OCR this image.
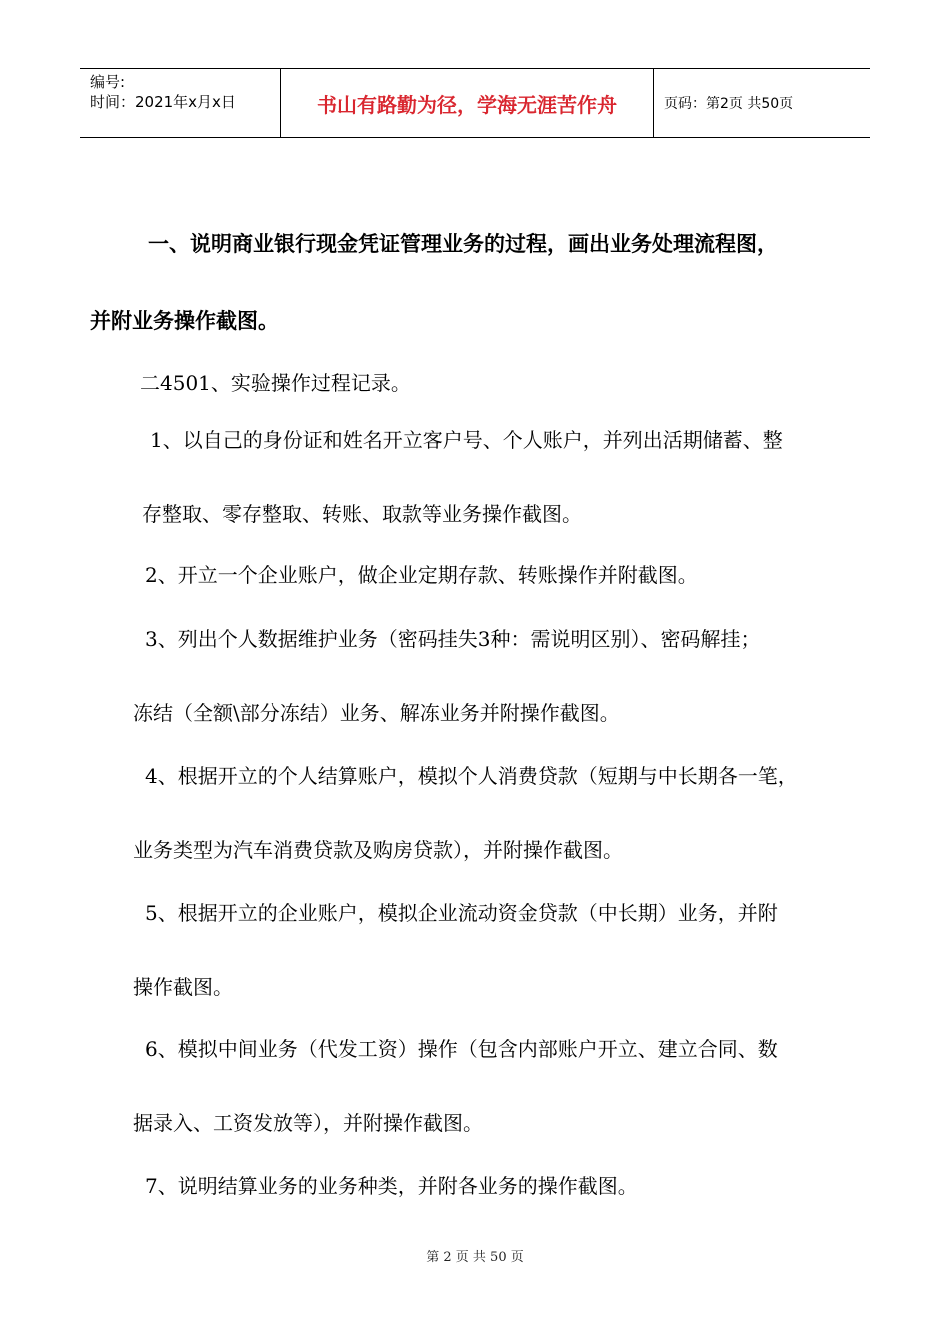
编号:
时间：2021年x月x日	书山有路勤为径，学海无涯苦作舟	页码：第2页 共50页
一、说明商业银行现金凭证管理业务的过程，画出业务处理流程图，
并附业务操作截图。
二4501、实验操作过程记录。
1、以自己的身份证和姓名开立客户号、个人账户，并列出活期储蓄、整
存整取、零存整取、转账、取款等业务操作截图。
2、开立一个企业账户，做企业定期存款、转账操作并附截图。
3、列出个人数据维护业务（密码挂失3种：需说明区别）、密码解挂；
冻结（全额\部分冻结）业务、解冻业务并附操作截图。
4、根据开立的个人结算账户，模拟个人消费贷款（短期与中长期各一笔，
业务类型为汽车消费贷款及购房贷款），并附操作截图。
5、根据开立的企业账户，模拟企业流动资金贷款（中长期）业务，并附
操作截图。
6、模拟中间业务（代发工资）操作（包含内部账户开立、建立合同、数
据录入、工资发放等），并附操作截图。
7、说明结算业务的业务种类，并附各业务的操作截图。
第 2 页 共 50 页
